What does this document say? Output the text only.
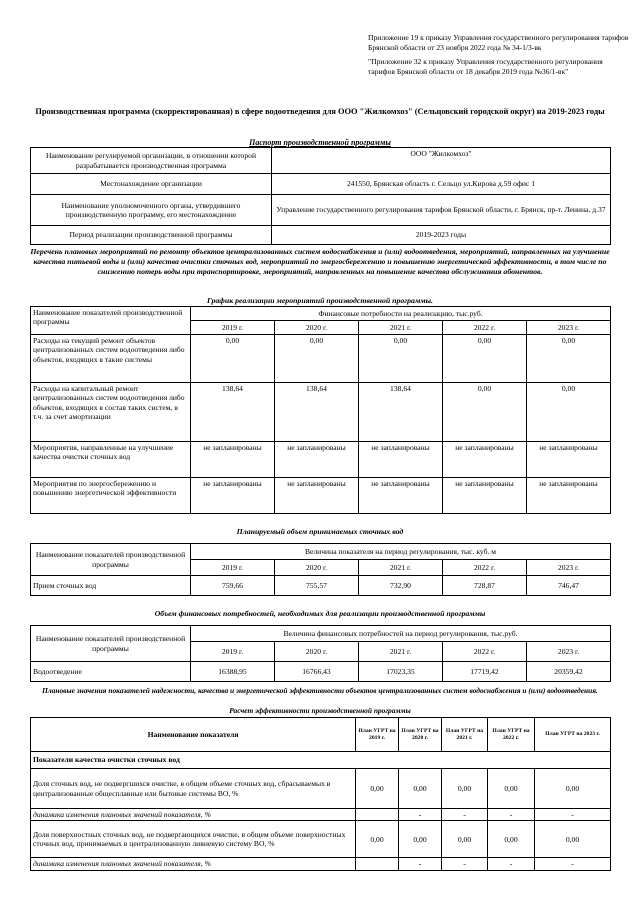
Приложение 19 к приказу Управления государственного регулирования тарифов Брянской области от 23 ноября 2022 года № 34-1/3-вк

"Приложение 32 к приказу Управления государственного регулирования тарифов Брянской области от 18 декабря 2019 года №36/1-вк"

Производственная программа (скорректированная) в сфере водоотведения для ООО "Жилкомхоз" (Сельцовский городской округ) на 2019-2023 годы
Паспорт производственной программы
Наименование регулируемой организации, в отношении которой разрабатывается производственная программа	ООО "Жилкомхоз"
Местонахождение организации	241550, Брянская область г. Сельцо ул.Кирова д.59 офис 1
Наименование уполномоченного органа, утвердившего производственную программу, его местонахождение	Управление государственного регулирования тарифов Брянской области, г. Брянск, пр-т. Ленина, д.37
Период реализации производственной программы	2019-2023 годы
Перечень плановых мероприятий по ремонту объектов централизованных систем водоснабжения и (или) водоотведения, мероприятий, направленных на улучшение качества питьевой воды и (или) качества очистки сточных вод, мероприятий по энергосбережению и повышению энергетической эффективности, в том числе по снижению потерь воды при транспортировке, мероприятий, направленных на повышение качества обслуживания абонентов.
График реализации мероприятий производственной программы.
Наименование показателей производственной программы	Финансовые потребности на реализацию, тыс.руб.				
	2019 г.	2020 г.	2021 г.	2022 г.	2023 г.
Расходы на текущий ремонт объектов централизованных систем водоотведения либо объектов, входящих в такие системы	0,00	0,00	0,00	0,00	0,00
Расходы на капитальный ремонт централизованных систем водоотведения либо объектов, входящих в состав таких систем, в т.ч. за счет амортизации	138,64	138,64	138,64	0,00	0,00
Мероприятия, направленные на улучшение качества очистки сточных вод	не запланированы	не запланированы	не запланированы	не запланированы	не запланированы
Мероприятия по энергосбережению и повышению энергетической эффективности	не запланированы	не запланированы	не запланированы	не запланированы	не запланированы
Планируемый объем принимаемых сточных вод
Наименование показателей производственной программы	Величина показателя на период регулирования, тыс. куб. м				
	2019 г.	2020 г.	2021 г.	2022 г.	2023 г.
Прием сточных вод	759,66	755,57	732,90	728,87	746,47
Объем финансовых потребностей, необходимых для реализации производственной программы
Наименование показателей производственной программы	Величина финансовых потребностей на период регулирования, тыс.руб.				
	2019 г.	2020 г.	2021 г.	2022 г.	2023 г.
Водоотведение	16388,95	16766,43	17023,35	17719,42	20359,42
Плановые значения показателей надежности, качества и энергетической эффективности объектов централизованных систем водоснабжения и (или) водоотведения.
Расчет эффективности производственной программы
Наименование показателя	План УГРТ на 2019 г.	План УГРТ на 2020 г.	План УГРТ на 2021 г.	План УГРТ на 2022 г.	План УГРТ на 2023 г.
Показатели качества очистки сточных вод					
Доля сточных вод, не подвергшихся очистке, в общем объеме сточных вод, сбрасываемых в централизованные общесплавные или бытовые системы ВО, %	0,00	0,00	0,00	0,00	0,00
динамика изменения плановых значений показателя, %		-	-	-	-
Доля поверхностных сточных вод, не подвергающихся очистке, в общем объеме поверхностных сточных вод, принимаемых в централизованную ливневую систему ВО, %	0,00	0,00	0,00	0,00	0,00
динамика изменения плановых значений показателя, %		-	-	-	-
